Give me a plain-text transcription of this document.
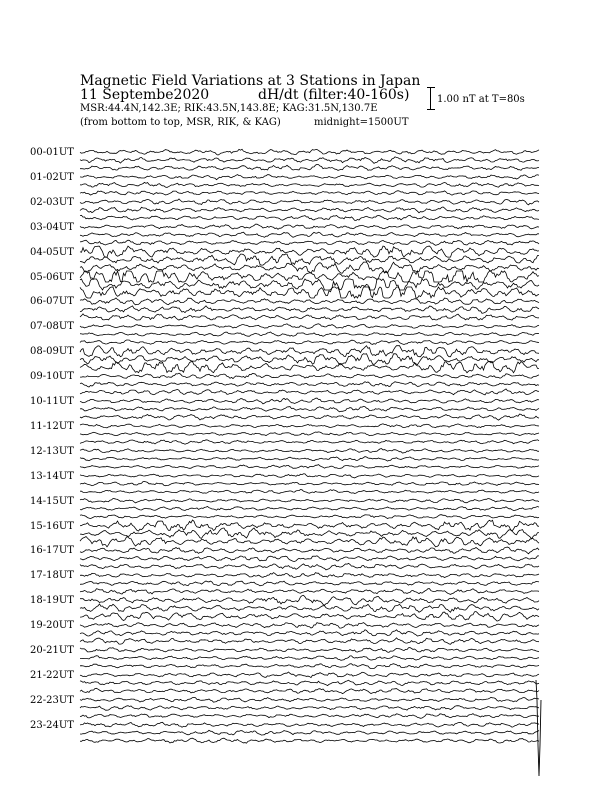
Magnetic Field Variations at 3 Stations in Japan
11 Septembe2020	dH/dt (filter:40-160s)
MSR:44.4N,142.3E; RIK:43.5N,143.8E; KAG:31.5N,130.7E
(from bottom to top, MSR, RIK, & KAG)	midnight=1500UT
1.00 nT at T=80s
00-01UT
01-02UT
02-03UT
03-04UT
04-05UT
05-06UT
06-07UT
07-08UT
08-09UT
09-10UT
10-11UT
11-12UT
12-13UT
13-14UT
14-15UT
15-16UT
16-17UT
17-18UT
18-19UT
19-20UT
20-21UT
21-22UT
22-23UT
23-24UT
